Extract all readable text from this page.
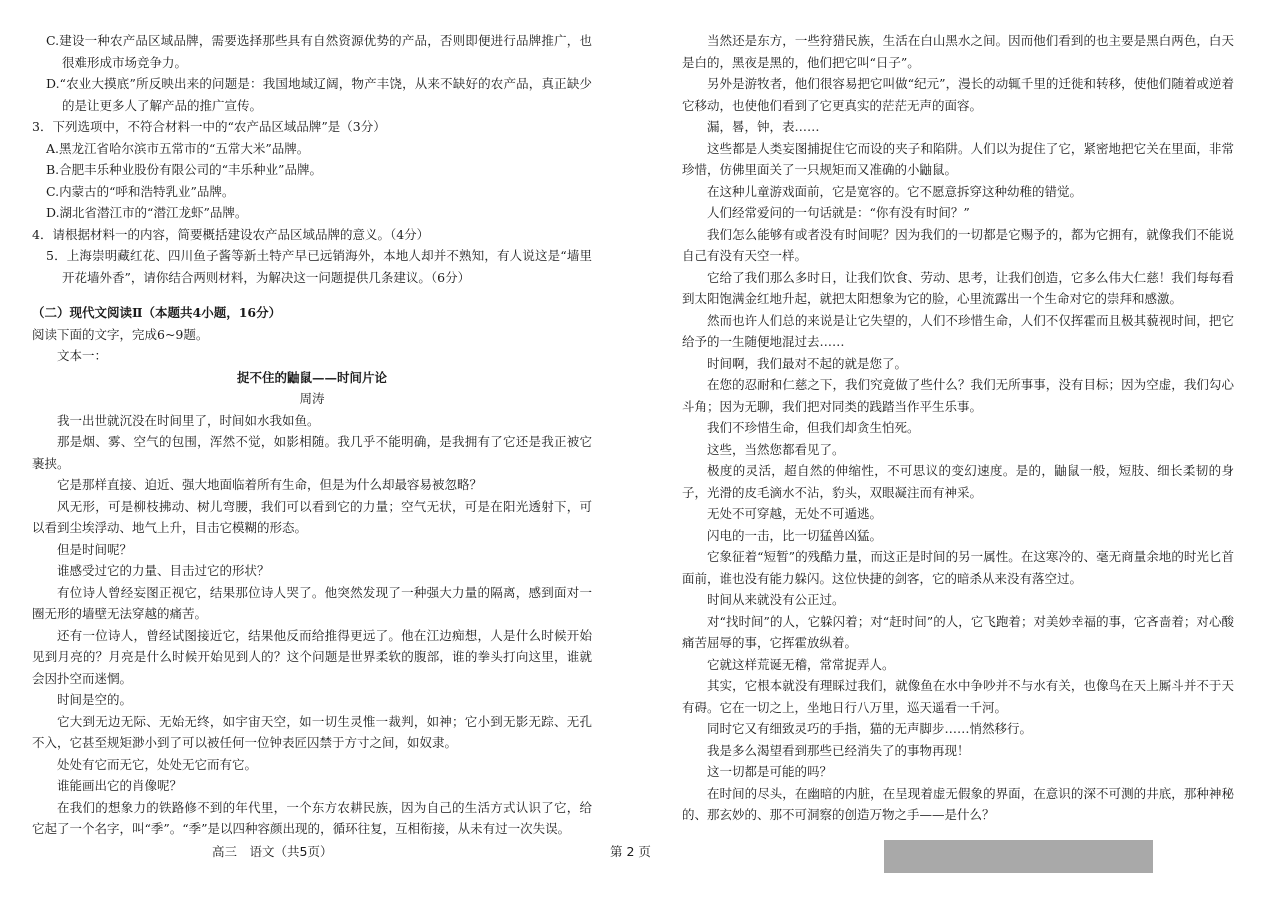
C.建设一种农产品区域品牌，需要选择那些具有自然资源优势的产品，否则即便进行品牌推广，也很难形成市场竞争力。

D.“农业大摸底”所反映出来的问题是：我国地域辽阔，物产丰饶，从来不缺好的农产品，真正缺少的是让更多人了解产品的推广宣传。

3．下列选项中，不符合材料一中的“农产品区域品牌”是（3分）

A.黑龙江省哈尔滨市五常市的“五常大米”品牌。

B.合肥丰乐种业股份有限公司的“丰乐种业”品牌。

C.内蒙古的“呼和浩特乳业”品牌。

D.湖北省潜江市的“潜江龙虾”品牌。

4．请根据材料一的内容，简要概括建设农产品区域品牌的意义。（4分）

5．上海崇明藏红花、四川鱼子酱等新土特产早已远销海外，本地人却并不熟知，有人说这是“墙里开花墙外香”，请你结合两则材料，为解决这一问题提供几条建议。（6分）

（二）现代文阅读Ⅱ（本题共4小题，16分）

阅读下面的文字，完成6~9题。

文本一：

捉不住的鼬鼠——时间片论

周涛

我一出世就沉没在时间里了，时间如水我如鱼。

那是烟、雾、空气的包围，浑然不觉，如影相随。我几乎不能明确，是我拥有了它还是我正被它裹挟。

它是那样直接、迫近、强大地面临着所有生命，但是为什么却最容易被忽略？

风无形，可是柳枝拂动、树儿弯腰，我们可以看到它的力量；空气无状，可是在阳光透射下，可以看到尘埃浮动、地气上升，目击它模糊的形态。

但是时间呢？

谁感受过它的力量、目击过它的形状？

有位诗人曾经妄图正视它，结果那位诗人哭了。他突然发现了一种强大力量的隔离，感到面对一圈无形的墙壁无法穿越的痛苦。

还有一位诗人，曾经试图接近它，结果他反而给推得更远了。他在江边痴想，人是什么时候开始见到月亮的？月亮是什么时候开始见到人的？这个问题是世界柔软的腹部，谁的拳头打向这里，谁就会因扑空而迷惘。

时间是空的。

它大到无边无际、无始无终，如宇宙天空，如一切生灵惟一裁判，如神；它小到无影无踪、无孔不入，它甚至规矩渺小到了可以被任何一位钟表匠囚禁于方寸之间，如奴隶。

处处有它而无它，处处无它而有它。

谁能画出它的肖像呢？

在我们的想象力的铁路修不到的年代里，一个东方农耕民族，因为自己的生活方式认识了它，给它起了一个名字，叫“季”。“季”是以四种容颜出现的，循环往复，互相衔接，从未有过一次失误。

当然还是东方，一些狩猎民族，生活在白山黑水之间。因而他们看到的也主要是黑白两色，白天是白的，黑夜是黑的，他们把它叫“日子”。

另外是游牧者，他们很容易把它叫做“纪元”，漫长的动辄千里的迁徙和转移，使他们随着或逆着它移动，也使他们看到了它更真实的茫茫无声的面容。

漏，晷，钟，表……

这些都是人类妄图捕捉住它而设的夹子和陷阱。人们以为捉住了它，紧密地把它关在里面，非常珍惜，仿佛里面关了一只规矩而又准确的小鼬鼠。

在这种儿童游戏面前，它是宽容的。它不愿意拆穿这种幼稚的错觉。

人们经常爱问的一句话就是：“你有没有时间？”

我们怎么能够有或者没有时间呢？因为我们的一切都是它赐予的，都为它拥有，就像我们不能说自己有没有天空一样。

它给了我们那么多时日，让我们饮食、劳动、思考，让我们创造，它多么伟大仁慈！我们每每看到太阳饱满金红地升起，就把太阳想象为它的脸，心里流露出一个生命对它的崇拜和感激。

然而也许人们总的来说是让它失望的，人们不珍惜生命，人们不仅挥霍而且极其藐视时间，把它给予的一生随便地混过去……

时间啊，我们最对不起的就是您了。

在您的忍耐和仁慈之下，我们究竟做了些什么？我们无所事事，没有目标；因为空虚，我们勾心斗角；因为无聊，我们把对同类的践踏当作平生乐事。

我们不珍惜生命，但我们却贪生怕死。

这些，当然您都看见了。

极度的灵活，超自然的伸缩性，不可思议的变幻速度。是的，鼬鼠一般，短肢、细长柔韧的身子，光滑的皮毛滴水不沾，豹头，双眼凝注而有神采。

无处不可穿越，无处不可遁逃。

闪电的一击，比一切猛兽凶猛。

它象征着“短暂”的残酷力量，而这正是时间的另一属性。在这寒冷的、毫无商量余地的时光匕首面前，谁也没有能力躲闪。这位快捷的剑客，它的暗杀从来没有落空过。

时间从来就没有公正过。

对“找时间”的人，它躲闪着；对“赶时间”的人，它飞跑着；对美妙幸福的事，它吝啬着；对心酸痛苦屈辱的事，它挥霍放纵着。

它就这样荒诞无稽，常常捉弄人。

其实，它根本就没有理睬过我们，就像鱼在水中争吵并不与水有关，也像鸟在天上厮斗并不于天有碍。它在一切之上，坐地日行八万里，巡天遥看一千河。

同时它又有细致灵巧的手指，猫的无声脚步……悄然移行。

我是多么渴望看到那些已经消失了的事物再现！

这一切都是可能的吗？

在时间的尽头，在幽暗的内脏，在呈现着虚无假象的界面，在意识的深不可测的井底，那种神秘的、那玄妙的、那不可洞察的创造万物之手——是什么？

高三　语文（共5页）	第 2 页
